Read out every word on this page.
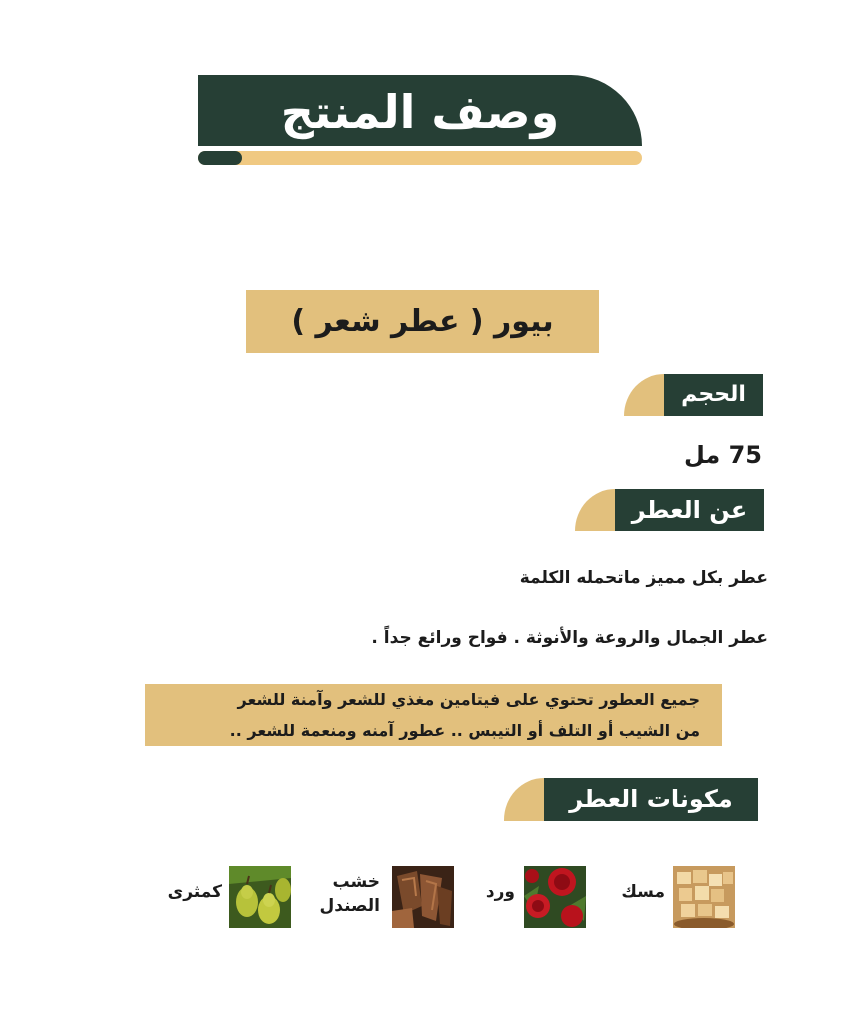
وصف المنتج
بيور ( عطر شعر )
الحجم
75 مل
عن العطر
عطر بكل مميز ماتحمله الكلمة
عطر الجمال والروعة والأنوثة . فواح ورائع جداً .
جميع العطور تحتوي على فيتامين مغذي للشعر وآمنة للشعر
من الشيب أو التلف أو التيبس .. عطور آمنه ومنعمة للشعر ..
مكونات العطر
مسك
ورد
خشب
الصندل
كمثرى
